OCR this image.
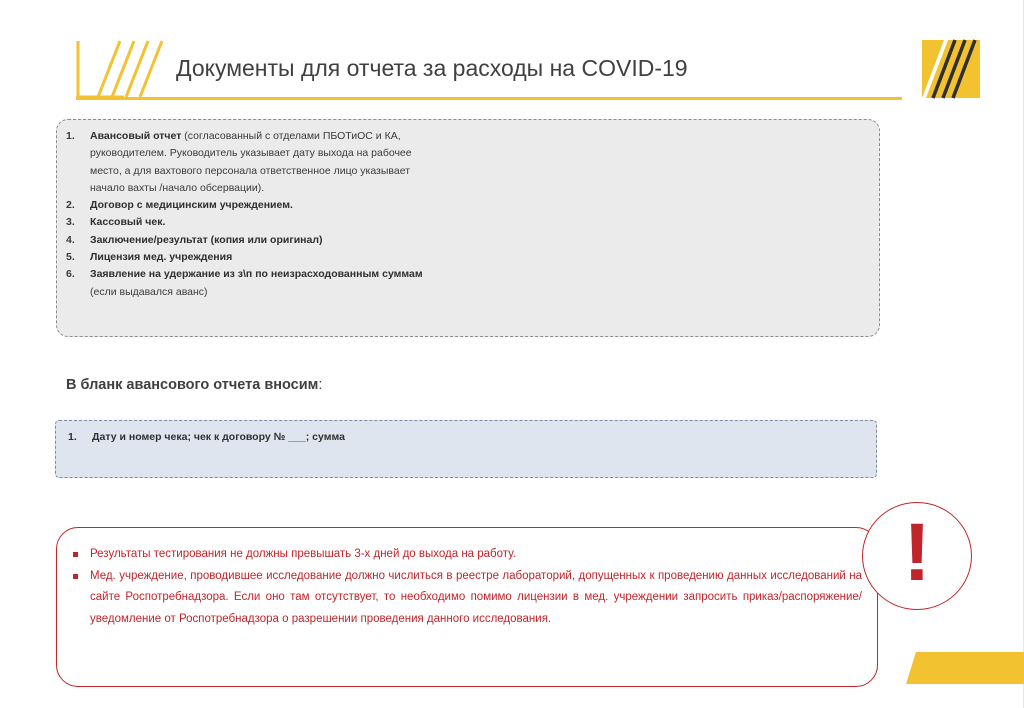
Документы для отчета за расходы на COVID-19
1. Авансовый отчет (согласованный с отделами ПБОТиОС и КА,
руководителем. Руководитель указывает дату выхода на рабочее
место, а для вахтового персонала ответственное лицо указывает
начало вахты /начало обсервации).
2. Договор с медицинским учреждением.
3. Кассовый чек.
4. Заключение/результат (копия или оригинал)
5. Лицензия мед. учреждения
6. Заявление на удержание из з\п по неизрасходованным суммам
(если выдавался аванс)
В бланк авансового отчета вносим:
1. Дату и номер чека; чек к договору № ___; сумма
Результаты тестирования не должны превышать 3-х дней до выхода на работу.
Мед. учреждение, проводившее исследование должно числиться в реестре лабораторий, допущенных к проведению данных исследований на сайте Роспотребнадзора. Если оно там отсутствует, то необходимо помимо лицензии в мед. учреждении запросить приказ/распоряжение/уведомление от Роспотребнадзора о разрешении проведения данного исследования.
!
